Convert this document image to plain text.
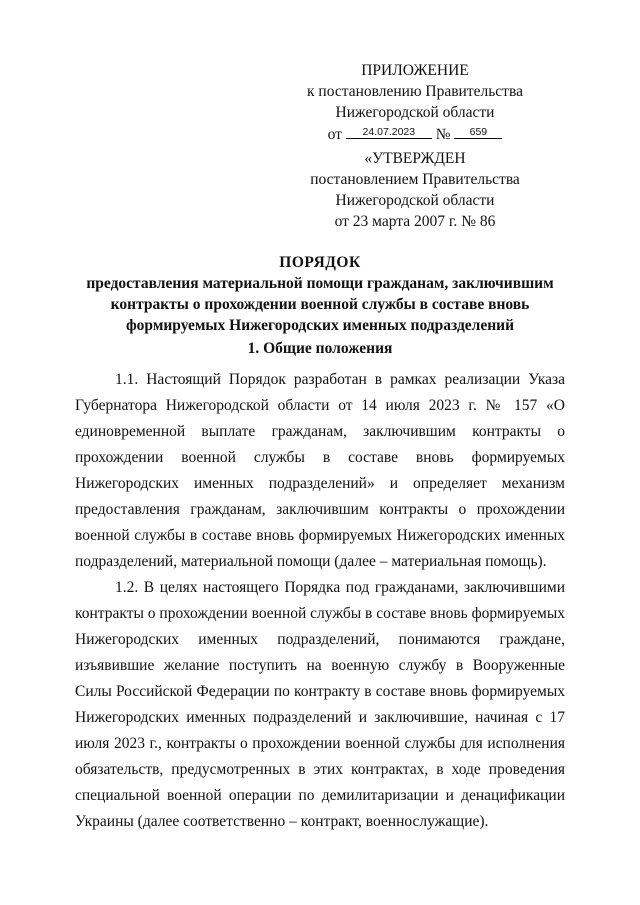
ПРИЛОЖЕНИЕ
к постановлению Правительства
Нижегородской области
от	24.07.2023	№	659
«УТВЕРЖДЕН
постановлением Правительства
Нижегородской области
от 23 марта 2007 г. № 86
ПОРЯДОК
предоставления материальной помощи гражданам, заключившим контракты о прохождении военной службы в составе вновь формируемых Нижегородских именных подразделений
1. Общие положения

1.1. Настоящий Порядок разработан в рамках реализации Указа Губернатора Нижегородской области от 14 июля 2023 г. № 157 «О единовременной выплате гражданам, заключившим контракты о прохождении военной службы в составе вновь формируемых Нижегородских именных подразделений» и определяет механизм предоставления гражданам, заключившим контракты о прохождении военной службы в составе вновь формируемых Нижегородских именных подразделений, материальной помощи (далее – материальная помощь).

1.2. В целях настоящего Порядка под гражданами, заключившими контракты о прохождении военной службы в составе вновь формируемых Нижегородских именных подразделений, понимаются граждане, изъявившие желание поступить на военную службу в Вооруженные Силы Российской Федерации по контракту в составе вновь формируемых Нижегородских именных подразделений и заключившие, начиная с 17 июля 2023 г., контракты о прохождении военной службы для исполнения обязательств, предусмотренных в этих контрактах, в ходе проведения специальной военной операции по демилитаризации и денацификации Украины (далее соответственно – контракт, военнослужащие).
